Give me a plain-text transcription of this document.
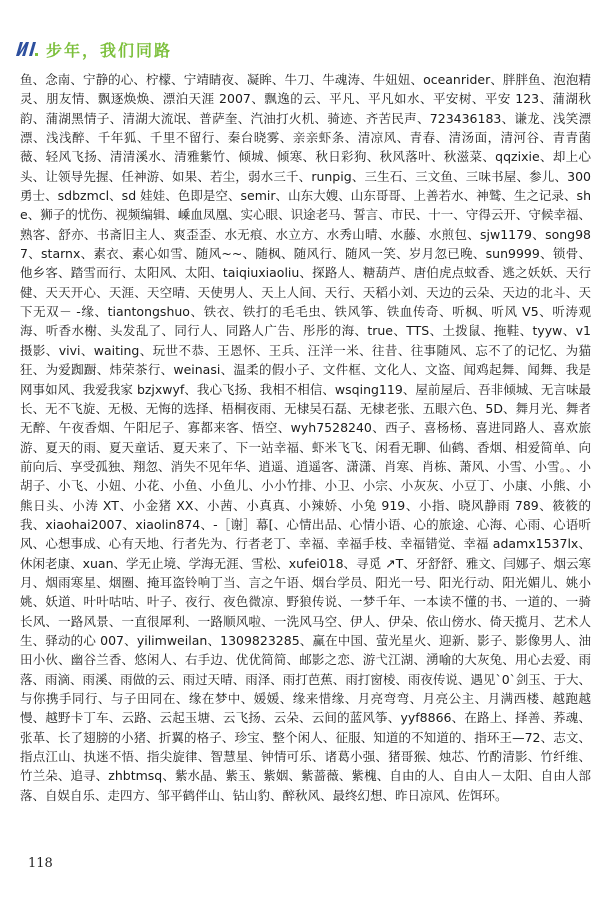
步年，我们同路
鱼、念南、宁静的心、柠檬、宁靖睛夜、凝眸、牛刀、牛魂涛、牛妞妞、oceanrider、胖胖鱼、泡泡精灵、朋友情、飘逐焕焕、漂泊天涯 2007、飘逸的云、平凡、平凡如水、平安树、平安 123、蒲湖秋韵、蒲湖黑情子、清湖大流氓、普萨奎、汽油打火机、骑迹、齐苦民声、723436183、谦龙、浅笑漂漂、浅浅醉、千年狐、千里不留行、秦台晓雾、亲亲虾条、清凉风、青春、清汤面，清河谷、青青菌薇、轻风飞扬、清清溪水、清雅紫竹、倾城、倾寒、秋日彩狗、秋风落叶、秋滋菜、qqzixie、却上心头、让领导先握、任神游、如果、若尘，弱水三千、runpig、三生石、三文鱼、三味书屋、参儿、300 勇士、sdbzmcl、sd 娃娃、色即是空、semir、山东大嫂、山东哥哥、上善若水、神鹫、生之记录、she、狮子的忧伤、视频编辑、嵊血凤凰、实心眼、识途老马、誓言、市民、十一、守得云开、守候幸福、熟客、舒亦、书斋旧主人、爽歪歪、水无痕、水立方、水秀山晴、水藤、水煎包、sjw1179、song987、starnx、素衣、素心如雪、随风~~、随枫、随风行、随风一笑、岁月忽已晚、sun9999、锁骨、他乡客、踏雪而行、太阳风、太阳、taiqiuxiaoliu、探路人、糖葫芦、唐伯虎点蚊香、逃之妖妖、天行健、天天开心、天涯、天空晴、天使男人、天上人间、天行、天稻小刘、天边的云朵、天边的北斗、天下无双－ -缘、tiantongshuo、铁衣、铁打的毛毛虫、铁风筝、铁血传奇、听枫、听风 V5、听涛观海、听香水榭、头发乱了、同行人、同路人广告、彤彤的海、true、TTS、土拨鼠、拖鞋、tyyw、v1 摄影、vivi、waiting、玩世不恭、王恩怀、王兵、汪洋一米、往昔、往事随风、忘不了的记忆、为猫狂、为爱踟蹰、炜荣茶行、weinasi、温柔的假小子、文件框、文化人、文盗、闻鸡起舞、闻舞、我是网事如风、我爱我家 bzjxwyf、我心飞扬、我相不相信、wsqing119、屋前屋后、吾非倾城、无言味最长、无不飞旋、无极、无悔的选择、梧桐夜雨、无棣吴石磊、无棣老张、五眼六色、5D、舞月光、舞者无醉、午夜香烟、午阳尼子、寡都来客、悟空、wyh7528240、西子、喜杨杨、喜进同路人、喜欢旅游、夏天的雨、夏天童话、夏天来了、下一站幸福、虾米飞飞、闲看无聊、仙鹤、香烟、相爱简单、向前向后、享受孤独、翔忽、消失不见年华、逍遥、逍遥客、潇潇、肖寒、肖栋、萧风、小雪、小雪。、小胡子、小飞、小妞、小花、小鱼、小鱼儿、小小竹排、小卫、小宗、小灰灰、小豆丁、小康、小熊、小熊日头、小涛 XT、小金猪 XX、小茜、小真真、小辣娇、小兔 919、小指、晓风静雨 789、筱筱的我、xiaohai2007、xiaolin874、-［谢］幕[、心情出品、心情小语、心的旅途、心海、心雨、心语听风、心想事成、心有天地、行者先为、行者老丁、幸福、幸福手枝、幸福错觉、幸福 adamx1537lx、休闲老康、xuan、学无止境、学海无涯、雪松、xufei018、寻觅 ↗T、牙舒舒、雅文、闫娜子、烟云寒月、烟雨寒星、烟圈、掩耳盗铃响丁当、言之午语、烟台学员、阳光一号、阳光行动、阳光媚儿、姚小姚、妖道、叶叶咕咕、叶子、夜行、夜色微凉、野狼传说、一梦千年、一本读不懂的书、一道的、一骑长风、一路风景、一直很犀利、一路顺风啦、一洗风马空、伊人、伊朵、依山傍水、倚天揽月、艺术人生、驿动的心 007、yilimweilan、1309823285、赢在中国、萤光星火、迎新、影子、影像男人、油田小伙、幽谷兰香、悠闲人、右手边、优优简简、邮影之恋、游弋江湖、湧喻的大灰兔、用心去爱、雨落、雨滴、雨溪、雨做的云、雨过天晴、雨泽、雨打芭蕉、雨打窗棱、雨夜传说、遇见`0`剑玉、于大、与你携手同行、与子田同在、缘在梦中、媛媛、缘来惜缘、月亮弯弯、月亮公主、月满西楼、越跑越慢、越野卡丁车、云路、云起玉塘、云飞扬、云朵、云间的蓝风筝、yyf8866、在路上、择善、荞魂、张革、长了翅膀的小猪、折翼的格子、珍宝、整个闲人、征服、知道的不知道的、指环王—72、志文、指点江山、执迷不悟、指尖旋律、智慧星、钟情可乐、诸葛小强、猪哥猴、烛芯、竹酌清影、竹纤维、竹兰朵、追寻、zhbtmsq、紫水晶、紫玉、紫姻、紫蔷薇、紫槐、自由的人、自由人－太阳、自由人部落、自娱自乐、走四方、邹平鹤伴山、钻山豹、醉秋风、最终幻想、昨日凉风、佐饵环。
118
